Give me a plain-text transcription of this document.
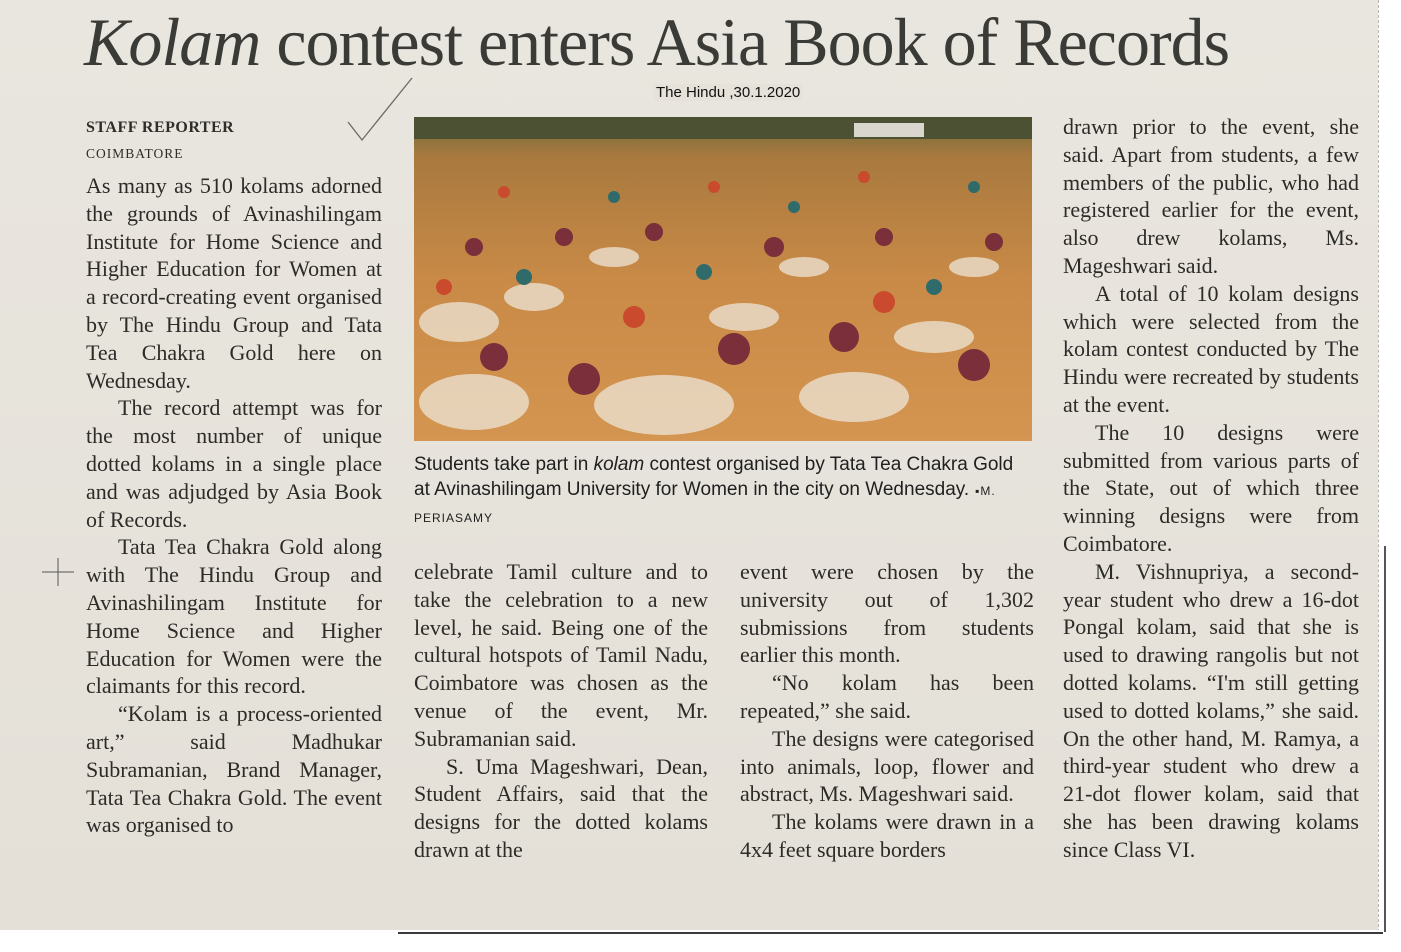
Kolam contest enters Asia Book of Records
The Hindu ,30.1.2020
STAFF REPORTER
COIMBATORE

As many as 510 kolams adorned the grounds of Avinashilingam Institute for Home Science and Higher Education for Women at a record-creating event organised by The Hindu Group and Tata Tea Chakra Gold here on Wednesday.

The record attempt was for the most number of unique dotted kolams in a single place and was adjudged by Asia Book of Records.

Tata Tea Chakra Gold along with The Hindu Group and Avinashilingam Institute for Home Science and Higher Education for Women were the claimants for this record.

“Kolam is a process-oriented art,” said Madhukar Subramanian, Brand Manager, Tata Tea Chakra Gold. The event was organised to

Students take part in kolam contest organised by Tata Tea Chakra Gold at Avinashilingam University for Women in the city on Wednesday. ▪M. PERIASAMY

celebrate Tamil culture and to take the celebration to a new level, he said. Being one of the cultural hotspots of Tamil Nadu, Coimbatore was chosen as the venue of the event, Mr. Subramanian said.

S. Uma Mageshwari, Dean, Student Affairs, said that the designs for the dotted kolams drawn at the

event were chosen by the university out of 1,302 submissions from students earlier this month.

“No kolam has been repeated,” she said.

The designs were categorised into animals, loop, flower and abstract, Ms. Mageshwari said.

The kolams were drawn in a 4x4 feet square borders

drawn prior to the event, she said. Apart from students, a few members of the public, who had registered earlier for the event, also drew kolams, Ms. Mageshwari said.

A total of 10 kolam designs which were selected from the kolam contest conducted by The Hindu were recreated by students at the event.

The 10 designs were submitted from various parts of the State, out of which three winning designs were from Coimbatore.

M. Vishnupriya, a second-year student who drew a 16-dot Pongal kolam, said that she is used to drawing rangolis but not dotted kolams. “I'm still getting used to dotted kolams,” she said. On the other hand, M. Ramya, a third-year student who drew a 21-dot flower kolam, said that she has been drawing kolams since Class VI.
